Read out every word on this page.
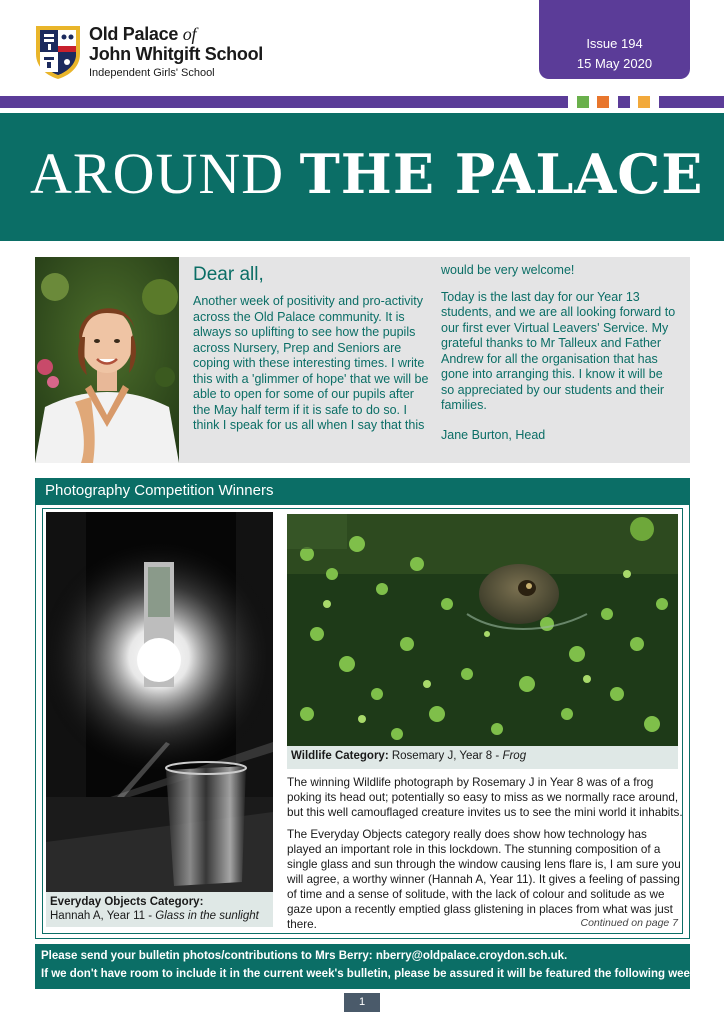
Old Palace of
John Whitgift School
Independent Girls' School
Issue 194
15 May 2020
AROUND THE PALACE
Dear all,
Another week of positivity and pro-activity across the Old Palace community. It is always so uplifting to see how the pupils across Nursery, Prep and Seniors are coping with these interesting times. I write this with a 'glimmer of hope' that we will be able to open for some of our pupils after the May half term if it is safe to do so. I think I speak for us all when I say that this

would be very welcome!

Today is the last day for our Year 13 students, and we are all looking forward to our first ever Virtual Leavers' Service. My grateful thanks to Mr Talleux and Father Andrew for all the organisation that has gone into arranging this. I know it will be so appreciated by our students and their families.

Jane Burton, Head

Photography Competition Winners
Everyday Objects Category:
Hannah A, Year 11 - Glass in the sunlight
Wildlife Category: Rosemary J, Year 8 - Frog
The winning Wildlife photograph by Rosemary J in Year 8 was of a frog poking its head out; potentially so easy to miss as we normally race around, but this well camouflaged creature invites us to see the mini world it inhabits.
The Everyday Objects category really does show how technology has played an important role in this lockdown. The stunning composition of a single glass and sun through the window causing lens flare is, I am sure you will agree, a worthy winner (Hannah A, Year 11). It gives a feeling of passing of time and a sense of solitude, with the lack of colour and solitude as we gaze upon a recently emptied glass glistening in places from what was just there.	Continued on page 7
Please send your bulletin photos/contributions to Mrs Berry: nberry@oldpalace.croydon.sch.uk.
If we don't have room to include it in the current week's bulletin, please be assured it will be featured the following week.
1
